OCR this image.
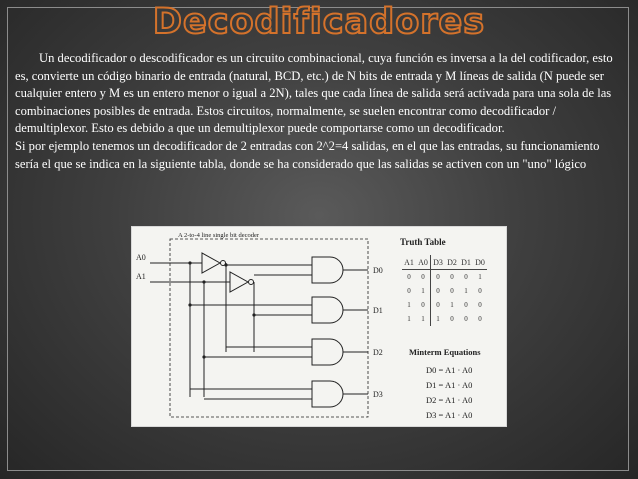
Decodificadores

Un decodificador o descodificador es un circuito combinacional, cuya función es inversa a la del codificador, esto es, convierte un código binario de entrada (natural, BCD, etc.) de N bits de entrada y M líneas de salida (N puede ser cualquier entero y M es un entero menor o igual a 2N), tales que cada línea de salida será activada para una sola de las combinaciones posibles de entrada. Estos circuitos, normalmente, se suelen encontrar como decodificador / demultiplexor. Esto es debido a que un demultiplexor puede comportarse como un decodificador.

Si por ejemplo tenemos un decodificador de 2 entradas con 2^2=4 salidas, en el que las entradas, su funcionamiento sería el que se indica en la siguiente tabla, donde se ha considerado que las salidas se activen con un "uno" lógico

A 2-to-4 line single bit decoder
A0
A1
D0
D1
D2
D3
Truth Table
A1	A0	D3	D2	D1	D0
0	0	0	0	0	1
0	1	0	0	1	0
1	0	0	1	0	0
1	1	1	0	0	0
Minterm Equations
D0 = A1 · A0
D1 = A1 · A0
D2 = A1 · A0
D3 = A1 · A0
